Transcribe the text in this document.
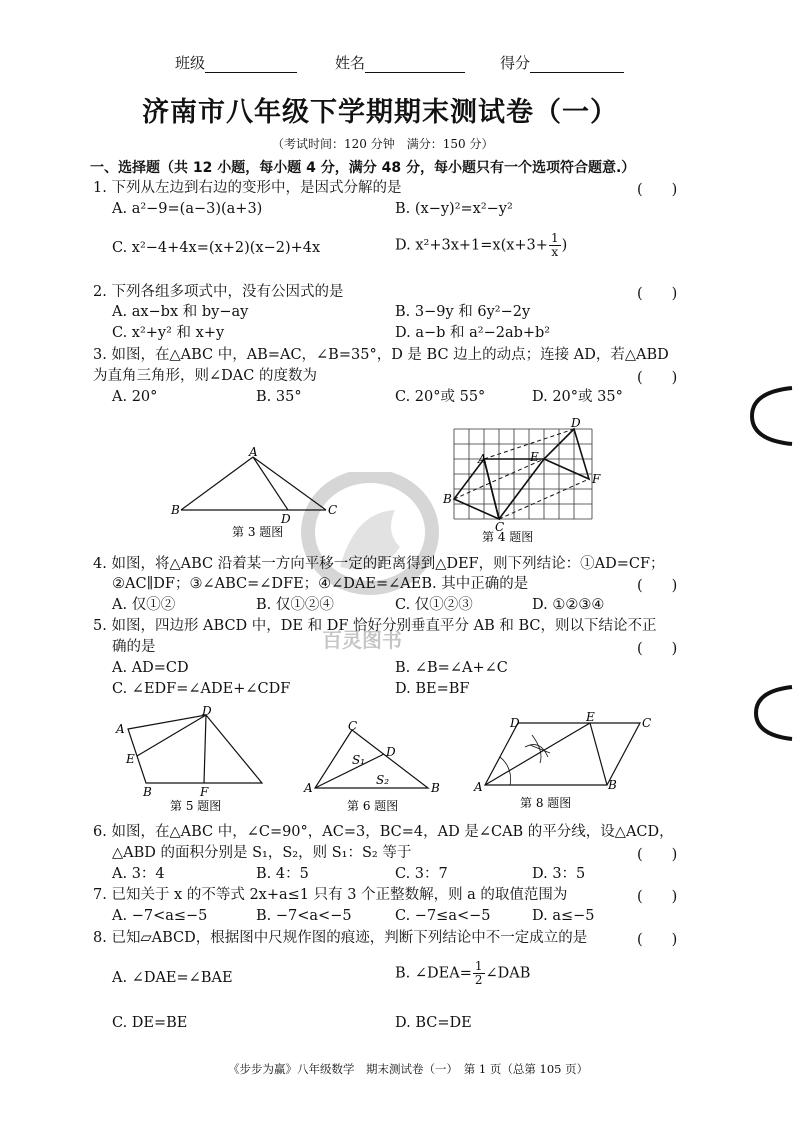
班级	姓名	得分
济南市八年级下学期期末测试卷（一）
（考试时间：120 分钟　满分：150 分）
一、选择题（共 12 小题，每小题 4 分，满分 48 分，每小题只有一个选项符合题意.）
1. 下列从左边到右边的变形中，是因式分解的是	(　　)
A. a²−9=(a−3)(a+3)	B. (x−y)²=x²−y²
C. x²−4+4x=(x+2)(x−2)+4x	D. $x^2+3x+1=x(x+3+ \frac{1}{x}$ )
2. 下列各组多项式中，没有公因式的是	(　　)
A. ax−bx 和 by−ay	B. 3−9y 和 6y²−2y
C. x²+y² 和 x+y	D. a−b 和 a²−2ab+b²
3. 如图，在△ABC 中，AB=AC，∠B=35°，D 是 BC 边上的动点；连接 AD，若△ABD
为直角三角形，则∠DAC 的度数为	(　　)
A. 20°	B. 35°	C. 20°或 55°	D. 20°或 35°
百灵图书
A
B	C
D
第 3 题图
A
B
C
D
E
F
第 4 题图
4. 如图，将△ABC 沿着某一方向平移一定的距离得到△DEF，则下列结论：①AD=CF；
②AC∥DF；③∠ABC=∠DFE；④∠DAE=∠AEB. 其中正确的是	(　　)
A. 仅①②	B. 仅①②④	C. 仅①②③	D. ①②③④
5. 如图，四边形 ABCD 中，DE 和 DF 恰好分别垂直平分 AB 和 BC，则以下结论不正
确的是	(　　)
A. AD=CD	B. ∠B=∠A+∠C
C. ∠EDF=∠ADE+∠CDF	D. BE=BF
A
D
E
B	F
第 5 题图
C
A	B
D
S₁
S₂
第 6 题图
A
D	E	C
B
第 8 题图
6. 如图，在△ABC 中，∠C=90°，AC=3，BC=4，AD 是∠CAB 的平分线，设△ACD，
△ABD 的面积分别是 S₁，S₂，则 S₁：S₂ 等于	(　　)
A. 3：4	B. 4：5	C. 3：7	D. 3：5
7. 已知关于 x 的不等式 2x+a≤1 只有 3 个正整数解，则 a 的取值范围为	(　　)
A. −7<a≤−5	B. −7<a<−5	C. −7≤a<−5	D. a≤−5
8. 已知▱ABCD，根据图中尺规作图的痕迹，判断下列结论中不一定成立的是	(　　)
A. ∠DAE=∠BAE	B. ∠DEA= $\frac{1}{2}$ ∠DAB
C. DE=BE	D. BC=DE
《步步为赢》八年级数学　期末测试卷（一）　第 1 页（总第 105 页）
